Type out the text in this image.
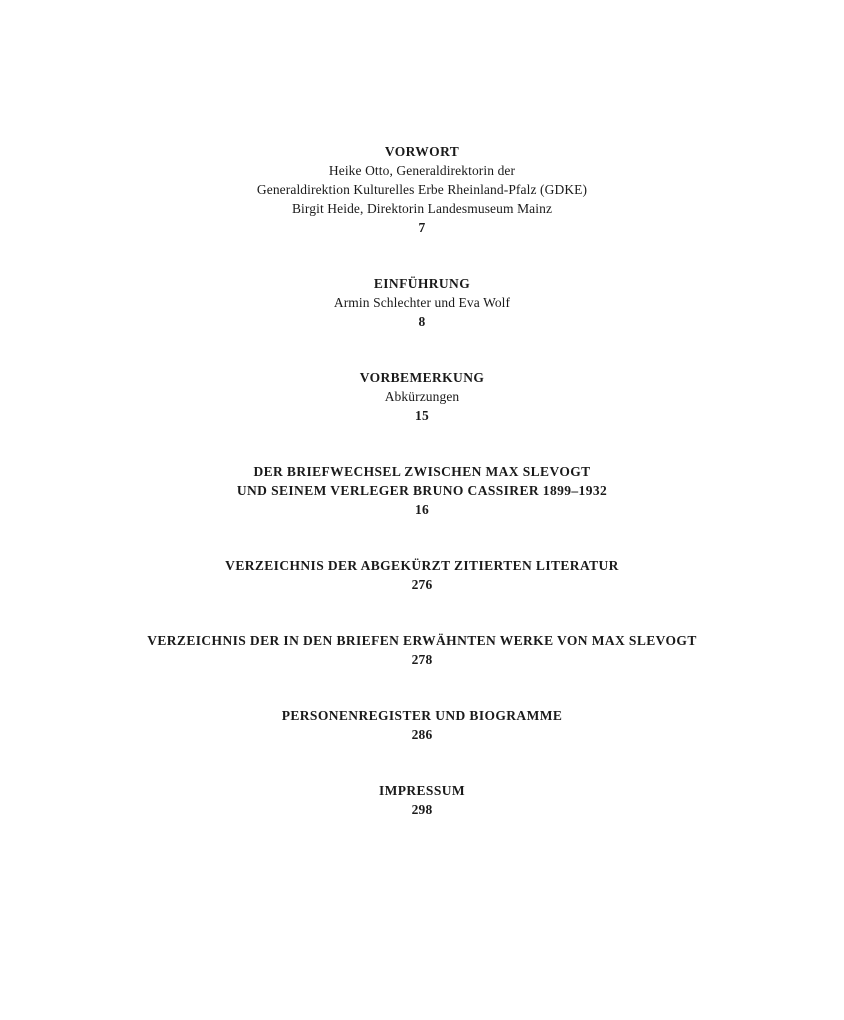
VORWORT

Heike Otto, Generaldirektorin der
Generaldirektion Kulturelles Erbe Rheinland-Pfalz (GDKE)
Birgit Heide, Direktorin Landesmuseum Mainz

7
EINFÜHRUNG

Armin Schlechter und Eva Wolf

8
VORBEMERKUNG

Abkürzungen

15
DER BRIEFWECHSEL ZWISCHEN MAX SLEVOGT
UND SEINEM VERLEGER BRUNO CASSIRER 1899–1932
16
VERZEICHNIS DER ABGEKÜRZT ZITIERTEN LITERATUR
276
VERZEICHNIS DER IN DEN BRIEFEN ERWÄHNTEN WERKE VON MAX SLEVOGT
278
PERSONENREGISTER UND BIOGRAMME
286
IMPRESSUM
298
